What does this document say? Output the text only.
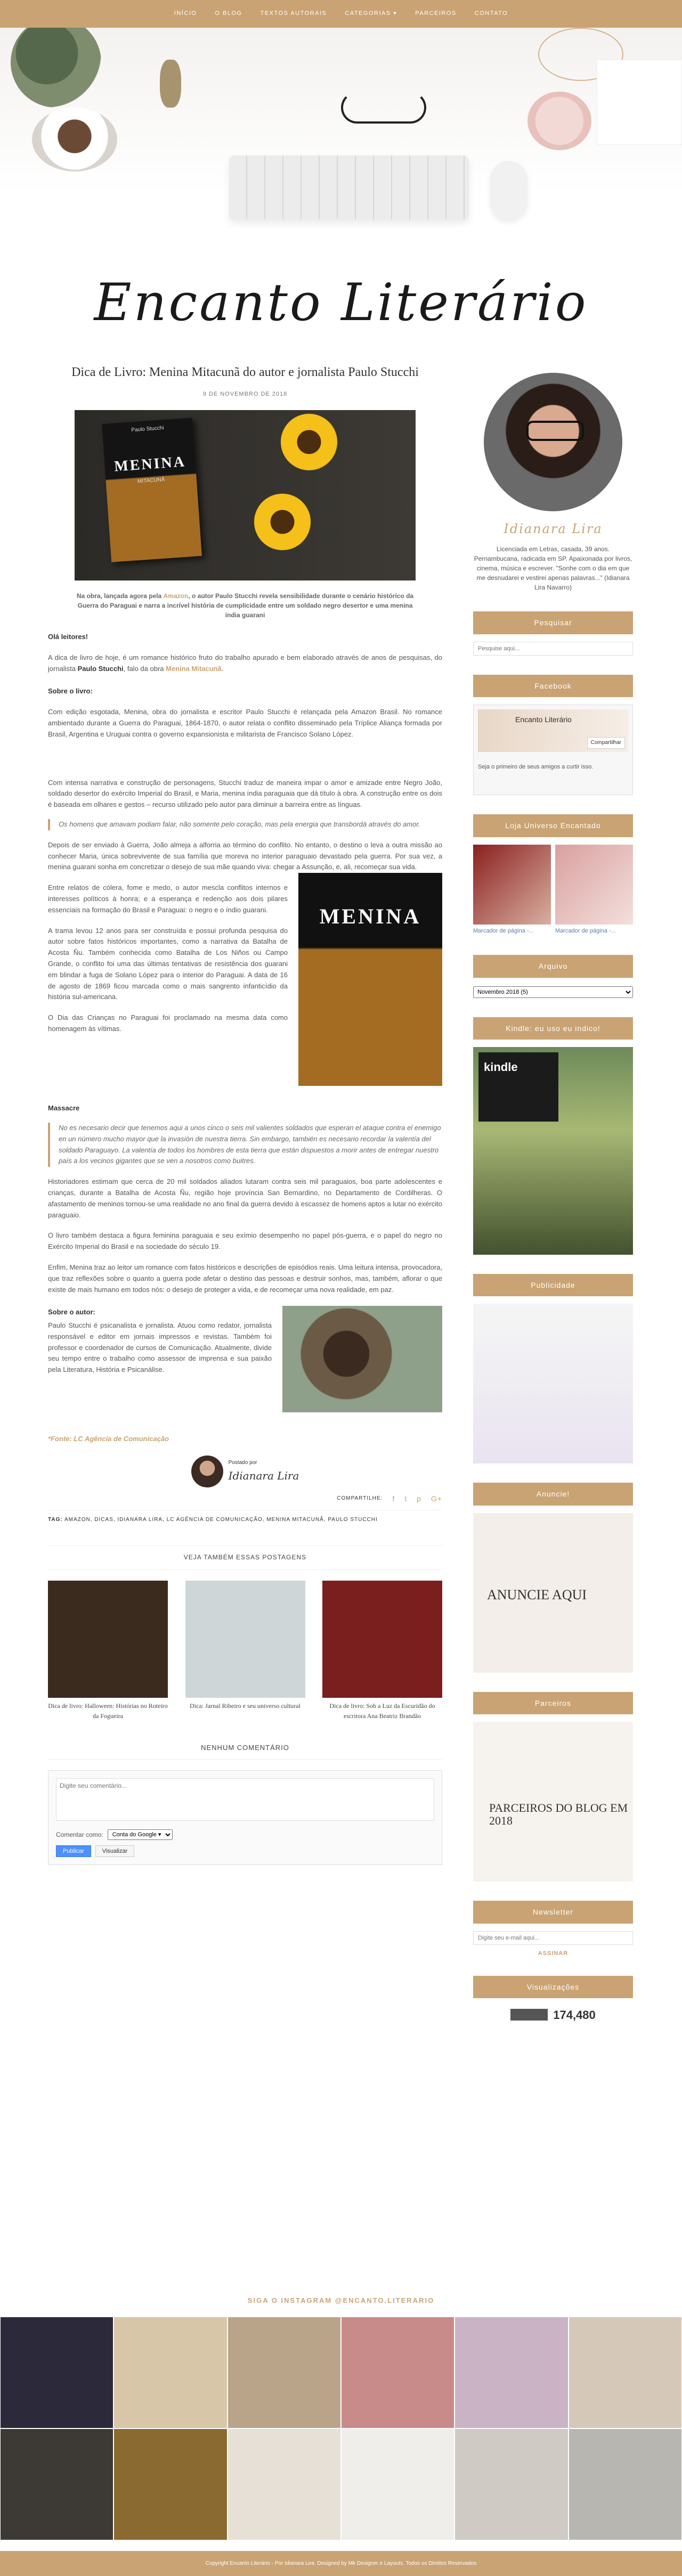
INÍCIO	O BLOG	TEXTOS AUTORAIS	CATEGORIAS ▾	PARCEIROS	CONTATO
Encanto Literário
Dica de Livro: Menina Mitacunã do autor e jornalista Paulo Stucchi
9 DE NOVEMBRO DE 2018
Paulo Stucchi
MENINA
MITACUNÃ

Na obra, lançada agora pela Amazon, o autor Paulo Stucchi revela sensibilidade durante o cenário histórico da Guerra do Paraguai e narra a incrível história de cumplicidade entre um soldado negro desertor e uma menina índia guarani

Olá leitores!

A dica de livro de hoje, é um romance histórico fruto do trabalho apurado e bem elaborado através de anos de pesquisas, do jornalista Paulo Stucchi, falo da obra Menina Mitacunã.

Sobre o livro:

Com edição esgotada, Menina, obra do jornalista e escritor Paulo Stucchi é relançada pela Amazon Brasil. No romance ambientado durante a Guerra do Paraguai, 1864-1870, o autor relata o conflito disseminado pela Tríplice Aliança formada por Brasil, Argentina e Uruguai contra o governo expansionista e militarista de Francisco Solano López.

Com intensa narrativa e construção de personagens, Stucchi traduz de maneira impar o amor e amizade entre Negro João, soldado desertor do exército Imperial do Brasil, e Maria, menina índia paraguaia que dá título à obra. A construção entre os dois é baseada em olhares e gestos – recurso utilizado pelo autor para diminuir a barreira entre as línguas.

Os homens que amavam podiam falar, não somente pelo coração, mas pela energia que transbordá através do amor.

Depois de ser enviado à Guerra, João almeja a alforria ao término do conflito. No entanto, o destino o leva a outra missão ao conhecer Maria, única sobrevivente de sua família que moreva no interior paraguaio devastado pela guerra. Por sua vez, a menina guarani sonha em concretizar o desejo de sua mãe quando viva: chegar a Assunção, e, ali, recomeçar sua vida.

MENINA

Entre relatos de cólera, fome e medo, o autor mescla conflitos internos e interesses políticos à honra; e a esperança e redenção aos dois pilares essenciais na formação do Brasil e Paraguai: o negro e o índio guarani.

A trama levou 12 anos para ser construída e possui profunda pesquisa do autor sobre fatos históricos importantes, como a narrativa da Batalha de Acosta Ñu. Também conhecida como Batalha de Los Niños ou Campo Grande, o conflito foi uma das últimas tentativas de resistência dos guarani em blindar a fuga de Solano López para o interior do Paraguai. A data de 16 de agosto de 1869 ficou marcada como o mais sangrento infanticídio da história sul-americana.

O Dia das Crianças no Paraguai foi proclamado na mesma data como homenagem às vítimas.

Massacre

No es necesario decir que tenemos aqui a unos cinco o seis mil valientes soldados que esperan el ataque contra el enemigo en un número mucho mayor que la invasión de nuestra tierra. Sin embargo, también es necesario recordar la valentía del soldado Paraguayo. La valentía de todos los hombres de esta tierra que están dispuestos a morir antes de entregar nuestro país a los vecinos gigantes que se ven a nosotros como buitres.

Historiadores estimam que cerca de 20 mil soldados aliados lutaram contra seis mil paraguaios, boa parte adolescentes e crianças, durante a Batalha de Acosta Ñu, região hoje província San Bernardino, no Departamento de Cordilheras. O afastamento de meninos tornou-se uma realidade no ano final da guerra devido à escassez de homens aptos a lutar no exército paraguaio.

O livro também destaca a figura feminina paraguaia e seu exímio desempenho no papel pós-guerra, e o papel do negro no Exército Imperial do Brasil e na sociedade do século 19.

Enfim, Menina traz ao leitor um romance com fatos históricos e descrições de episódios reais. Uma leitura intensa, provocadora, que traz reflexões sobre o quanto a guerra pode afetar o destino das pessoas e destruir sonhos, mas, também, aflorar o que existe de mais humano em todos nós: o desejo de proteger a vida, e de recomeçar uma nova realidade, em paz.

Sobre o autor:

Paulo Stucchi é psicanalista e jornalista. Atuou como redator, jornalista responsável e editor em jornais impressos e revistas. Também foi professor e coordenador de cursos de Comunicação. Atualmente, divide seu tempo entre o trabalho como assessor de imprensa e sua paixão pela Literatura, História e Psicanálise.

*Fonte: LC Agência de Comunicação

Postado por
Idianara Lira
COMPARTILHE: f t p G+
TAG: AMAZON, DICAS, IDIANARA LIRA, LC AGÊNCIA DE COMUNICAÇÃO, MENINA MITACUNÃ, PAULO STUCCHI
VEJA TAMBÉM ESSAS POSTAGENS
Dica de livro: Halloween: Histórias no Roteiro da Fogueira
Dica: Jarnal Ribeiro e seu universo cultural	Dica de livro: Sob a Luz da Escuridão do escritora Ana Beatriz Brandão
NENHUM COMENTÁRIO
Digite seu comentário...
Comentar como:
Conta do Google ▾
Publicar	Visualizar
Idianara Lira

Licenciada em Letras, casada, 39 anos. Pernambucana, radicada em SP. Apaixonada por livros, cinema, música e escrever. "Sonhe com o dia em que me desnudarei e vestirei apenas palavras..." (Idianara Lira Navarro)

Pesquisar
Pesquise aqui...
Facebook
Encanto Literário
Compartilhar
Seja o primeiro de seus amigos a curtir isso.
Loja Universo Encantado
Marcador de página -...	Marcador de página -...
Arquivo
Novembro 2018 (5)
Kindle: eu uso eu indico!
kindle
Publicidade
Anuncie!
ANUNCIE AQUI
Parceiros
PARCEIROS DO BLOG EM 2018
Newsletter
Digite seu e-mail aqui...
ASSINAR
Visualizações
174,480
SIGA O INSTAGRAM @ENCANTO.LITERARIO
Copyright Encanto Literário - Por Idianara Lira. Designed by Mk Designer e Layouts. Todos os Direitos Reservados
